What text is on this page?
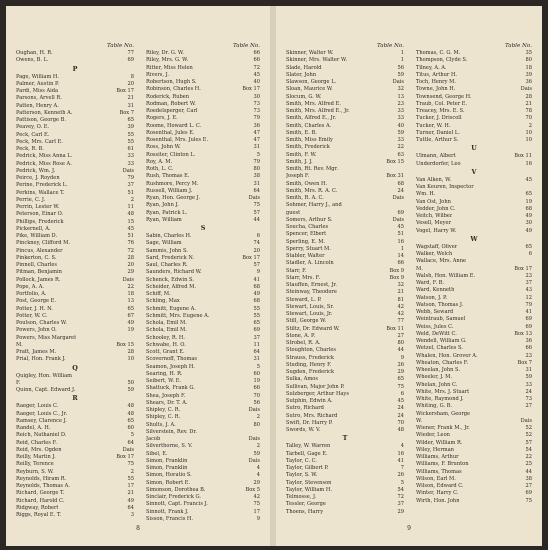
Table No.
Oughan, H. R.	77
Owens, B. L.	69
P
Page, William H.	8
Palmer, Austin P.	20
Pardi, Miss Aida	Box 17
Parsons, Arvell R.	21
Patten, Henry A.	31
Patterson, Kenneth A.	Box 7
Pattison, George B.	65
Peavey, O. E.	39
Peck, Carl E.	55
Peck, Mrs. Carl E.	55
Peck, R. B.	61
Pedrick, Miss Anna L.	33
Pedrick, Miss Rose A.	33
Pedrick, Wm. J.	Dais
Peirce, J. Royden	79
Perine, Frederick L.	37
Perkins, Wallace T.	51
Perrie, C. J.	2
Perrin, Lester W.	11
Peterson, Einar O.	48
Phillips, Frederick	15
Pickernell, A.	45
Pike, William D.	51
Pinckney, Clifford M.	76
Pincus, Alexander	72
Pinkerton, C. S.	28
Pinnell, Charles	20
Pitman, Benjamin	29
Pollock, James R.	Dais
Pope, A. A.	22
Portfolio, A.	18
Post, George E.	13
Potter, J. H. N.	65
Potter, W. C.	67
Poulson, Charles W.	49
Powers, John O.	19
Powers, Miss Margaret
M.	Box 15
Pratt, James M.	28
Prial, Hon. Frank J.	10
Q
Quigley, Hon. William
F.	50
Quinn, Capt. Edward J.	59
R
Raeger, Louis C.	48
Raeger, Louis C., Jr.	48
Ramsey, Clarence J.	65
Randel, A. H.	60
Reich, Nathaniel D.	5
Reid, Charles F.	64
Reid, Mrs. Ogden	Dais
Reilly, Martin J.	Box 17
Reilly, Terence	75
Reyburn, S. W.	2
Reynolds, Hiram R.	55
Reynolds, Thomas A.	17
Richard, George T.	21
Richard, Harold C.	49
Ridgway, Robert	64
Riggs, Royal E. T.	3
Table No.
Riley, Dr. G. W.	66
Riley, Mrs. G. W.	66
Ritter, Miss Helen	72
Rivers, J.	45
Robertson, Hugh S.	40
Robinson, Charles H.	Box 17
Roderick, Ruben	30
Rodman, Robert W.	73
Roedelsperger, Carl	73
Rogers, J. E.	79
Roome, Howard L. C.	36
Rosenthal, Jules E.	47
Rosenthal, Mrs. Jules E.	47
Ross, John W.	31
Rossiter, Clinton L.	5
Roy, A. M.	79
Roth, L. C.	80
Rush, Thomas E.	38
Rushmore, Percy M.	31
Russell, William J.	64
Ryan, Hon. George J.	Dais
Ryan, John J.	75
Ryan, Patrick L.	57
Ryan, William	44
S
Sabin, Charles H.	6
Sage, William	74
Sammis, John S.	20
Sard, Frederick N.	Box 17
Saul, Charles R.	57
Saunders, Richard W.	9
Schenck, Edwin S.	41
Scheider, Alfred M.	68
Schiff, M.	49
Schling, Max	68
Schmitt, Eugene A.	55
Schmitt, Mrs. Eugene A.	55
Schola, Emil M.	65
Schola, Emil M.	69
Schooley, R. H.	37
Schwabe, H. O.	11
Scott, Grant E.	64
Scovernoff, Thomas	31
Seamon, Joseph H.	5
Searing, H. R.	60
Seibert, W. E.	19
Shattuck, Frank G.	66
Shea, Joseph F.	70
Shears, Dr. T. A.	56
Shipley, C. R.	Dais
Shipley, C. R.	2
Shults, J. A.	80
Silverstein, Rev. Dr.
Jacob	Dais
Silverthorne, S. V.	2
Sibel, E.	59
Simon, Franklin	Dais
Simon, Franklin	4
Simon, Horatio S.	4
Simon, Robert E.	29
Simonson, Dorothea B.	Box 5
Sinclair, Frederick G.	42
Sinnott, Capt. Francis J.	75
Sinnott, Frank J.	17
Sisson, Francis H.	9
8
Table No.
Skinner, Walter W.	1
Skinner, Mrs. Walter W.	1
Slade, Harold	56
Slater, John	59
Slawson, George L.	Dais
Sloan, Maurice W.	32
Slocum, G. W.	13
Smith, Mrs. Alfred E.	23
Smith, Mrs. Alfred E., Jr.	33
Smith, Alfred E., Jr.	33
Smith, Charles A.	40
Smith, E. B.	59
Smith, Miss Emily	33
Smith, Frederick	22
Smith, F. W.	63
Smith, J. J.	Box 15
Smith, Rt. Rev. Mgr.
Joseph F.	Box 31
Smith, Owen H.	68
Smith, Mrs. R. A. C.	24
Smith, R. A. C.	Dais
Sohmer, Harry J., and
guest	69
Somers, Arthur S.	Dais
Soucha, Charles	45
Spencer, Elbert	51
Sperling, E. M.	16
Sperry, Stuart M.	1
Stabler, Walter	14
Stadler, A. Lincoln	66
Starr, F.	Box 9
Starr, Mrs. F.	Box 9
Stauffen, Ernest, Jr.	32
Steinway, Theodore	21
Steward, L. P.	81
Stewart, Louis, Sr.	42
Stewart, Louis, Jr.	42
Still, George W.	77
Stiltz, Dr. Edward W.	Box 11
Stone, A. P.	27
Strobel, R. A.	80
Stoughton, Charles	44
Strauss, Frederick	9
Studing, Henry F.	26
Sugden, Frederick	29
Sulka, Amos	65
Sullivan, Major John P.	75
Sulzberger, Arthur Hays	6
Sutphin, Edwin A.	45
Sutro, Richard	24
Sutro, Mrs. Richard	24
Swift, Dr. Harry P.	70
Swords, W. V.	48
T
Talley, W. Warren	4
Tarbell, Gage E.	16
Taylor, C. C.	41
Taylor, Gilbert P.	7
Taylor, S. W.	26
Taylor, Stevenson	5
Taylor, William H.	54
Telmosse, J.	72
Tessler, George	37
Thoens, Harry	29
Table No.
Thomas, C. G. M.	35
Thompson, Clyde S.	80
Tilney, A. A.	18
Titus, Arthur H.	39
Toch, Henry M.	36
Towne, John H.	Dais
Townsend, George H.	28
Traub, Col. Peter E.	21
Treacey, Mrs. E. S.	78
Tucker, J. Driscoll	70
Tucker, W. H.	2
Turner, Daniel L.	10
Tuttle, Arthur S.	10
U
Ulmann, Albert	Box 11
Underdorfer, Leo	16
V
Van Alken, W.	45
Van Keuren, Inspector
Wm. H.	65
Van Ost, John	19
Vedder, John C.	68
Veitch, Wilber	49
Vesell, Meyer	30
Vogel, Harry W.	49
W
Wagstaff, Oliver	65
Walker, Welch	6
Wallace, Mrs. Anne
M.	Box 17
Walsh, Hon. William E.	23
Ward, F. B.	37
Ward, Kenneth	43
Watson, J. P.	12
Watson, Thomas J.	79
Webb, Seward	41
Weintraub, Samuel	69
Weiss, Jules C.	69
Weld, DeWitt C.	Box 13
Wendell, William G.	36
Wetzel, Charles S.	66
Whalen, Hon. Grover A.	23
Wheaton, Charles F.	Box 7
Wheelan, John S.	31
Wheeler, J. M.	59
Whelan, John C.	33
White, Mrs. J. Stuart	24
White, Raymond J.	73
Whiting, G. B.	27
Wickersham, George
W.	Dais
Wiener, Frank M., Jr.	52
Wieder, Leon	52
Wilder, William R.	57
Wiley, Herman	54
Williams, Arthur	22
Williams, F. Brunton	25
Williams, Thomas	44
Wilson, Earl M.	38
Wilson, Edward C.	27
Winter, Harry C.	69
Wirth, Hon. John	75
9
